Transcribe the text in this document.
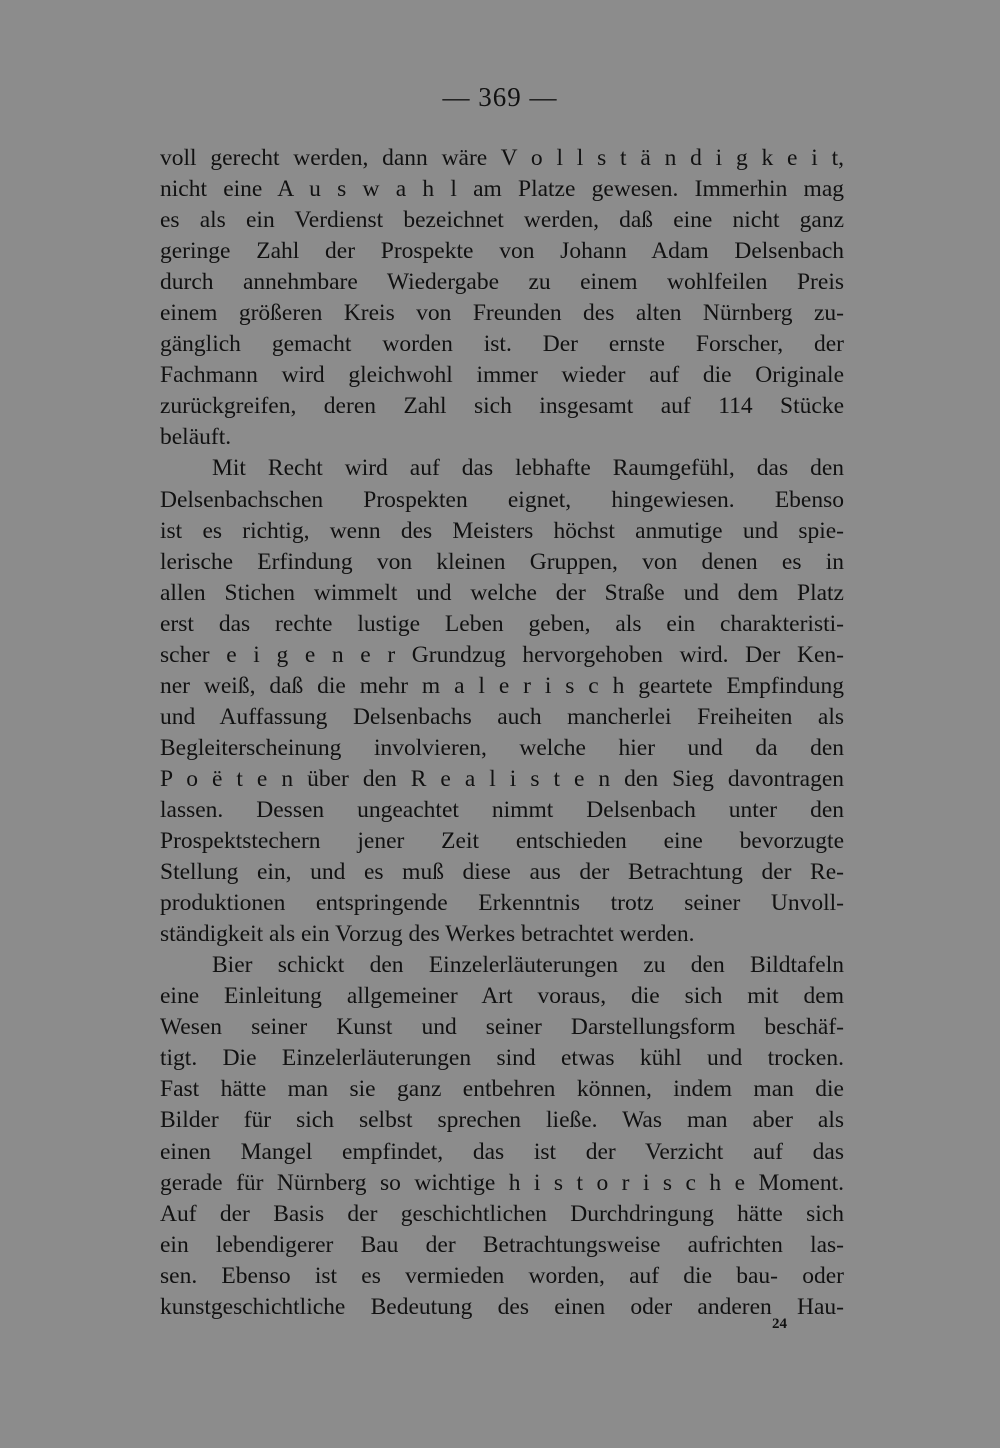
— 369 —
voll gerecht werden, dann wäre V o l l s t ä n d i g k e i t,
nicht eine A u s w a h l am Platze gewesen. Immerhin mag
es als ein Verdienst bezeichnet werden, daß eine nicht ganz
geringe Zahl der Prospekte von Johann Adam Delsenbach
durch annehmbare Wiedergabe zu einem wohlfeilen Preis
einem größeren Kreis von Freunden des alten Nürnberg zu-
gänglich gemacht worden ist. Der ernste Forscher, der
Fachmann wird gleichwohl immer wieder auf die Originale
zurückgreifen, deren Zahl sich insgesamt auf 114 Stücke
beläuft.
Mit Recht wird auf das lebhafte Raumgefühl, das den
Delsenbachschen Prospekten eignet, hingewiesen. Ebenso
ist es richtig, wenn des Meisters höchst anmutige und spie-
lerische Erfindung von kleinen Gruppen, von denen es in
allen Stichen wimmelt und welche der Straße und dem Platz
erst das rechte lustige Leben geben, als ein charakteristi-
scher e i g e n e r Grundzug hervorgehoben wird. Der Ken-
ner weiß, daß die mehr m a l e r i s c h geartete Empfindung
und Auffassung Delsenbachs auch mancherlei Freiheiten als
Begleiterscheinung involvieren, welche hier und da den
P o ë t e n über den R e a l i s t e n den Sieg davontragen
lassen. Dessen ungeachtet nimmt Delsenbach unter den
Prospektstechern jener Zeit entschieden eine bevorzugte
Stellung ein, und es muß diese aus der Betrachtung der Re-
produktionen entspringende Erkenntnis trotz seiner Unvoll-
ständigkeit als ein Vorzug des Werkes betrachtet werden.
Bier schickt den Einzelerläuterungen zu den Bildtafeln
eine Einleitung allgemeiner Art voraus, die sich mit dem
Wesen seiner Kunst und seiner Darstellungsform beschäf-
tigt. Die Einzelerläuterungen sind etwas kühl und trocken.
Fast hätte man sie ganz entbehren können, indem man die
Bilder für sich selbst sprechen ließe. Was man aber als
einen Mangel empfindet, das ist der Verzicht auf das
gerade für Nürnberg so wichtige h i s t o r i s c h e Moment.
Auf der Basis der geschichtlichen Durchdringung hätte sich
ein lebendigerer Bau der Betrachtungsweise aufrichten las-
sen. Ebenso ist es vermieden worden, auf die bau- oder
kunstgeschichtliche Bedeutung des einen oder anderen Hau-
24
